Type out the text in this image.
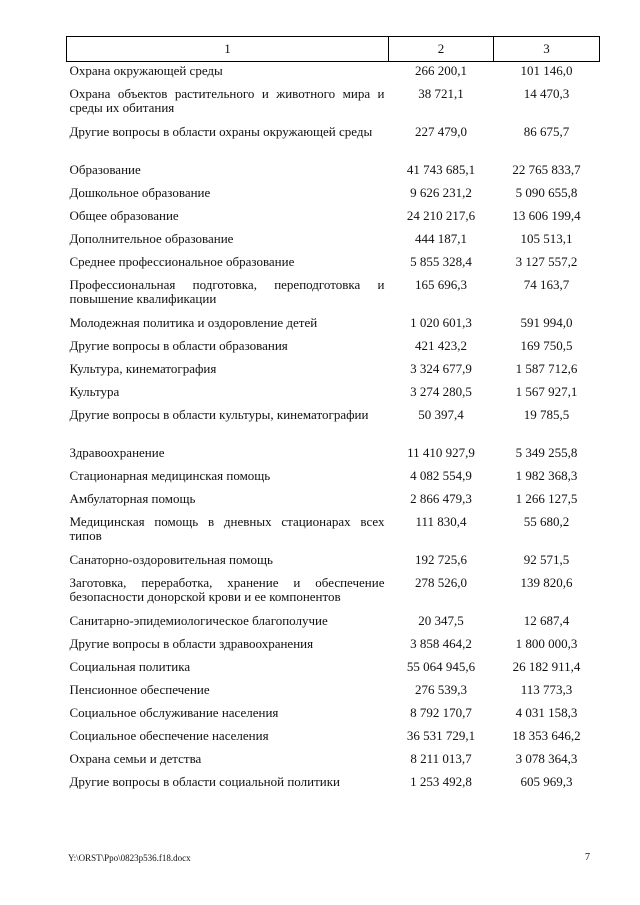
1	2	3
Охрана окружающей среды	266 200,1	101 146,0
Охрана объектов растительного и животного мира и среды их обитания	38 721,1	14 470,3
Другие вопросы в области охраны окружающей среды	227 479,0	86 675,7
Образование	41 743 685,1	22 765 833,7
Дошкольное образование	9 626 231,2	5 090 655,8
Общее образование	24 210 217,6	13 606 199,4
Дополнительное образование	444 187,1	105 513,1
Среднее профессиональное образование	5 855 328,4	3 127 557,2
Профессиональная подготовка, переподготовка и повышение квалификации	165 696,3	74 163,7
Молодежная политика и оздоровление детей	1 020 601,3	591 994,0
Другие вопросы в области образования	421 423,2	169 750,5
Культура, кинематография	3 324 677,9	1 587 712,6
Культура	3 274 280,5	1 567 927,1
Другие вопросы в области культуры, кинематографии	50 397,4	19 785,5
Здравоохранение	11 410 927,9	5 349 255,8
Стационарная медицинская помощь	4 082 554,9	1 982 368,3
Амбулаторная помощь	2 866 479,3	1 266 127,5
Медицинская помощь в дневных стационарах всех типов	111 830,4	55 680,2
Санаторно-оздоровительная помощь	192 725,6	92 571,5
Заготовка, переработка, хранение и обеспечение безопасности донорской крови и ее компонентов	278 526,0	139 820,6
Санитарно-эпидемиологическое благополучие	20 347,5	12 687,4
Другие вопросы в области здравоохранения	3 858 464,2	1 800 000,3
Социальная политика	55 064 945,6	26 182 911,4
Пенсионное обеспечение	276 539,3	113 773,3
Социальное обслуживание населения	8 792 170,7	4 031 158,3
Социальное обеспечение населения	36 531 729,1	18 353 646,2
Охрана семьи и детства	8 211 013,7	3 078 364,3
Другие вопросы в области социальной политики	1 253 492,8	605 969,3
Y:\ORST\Ppo\0823p536.f18.docx	7
